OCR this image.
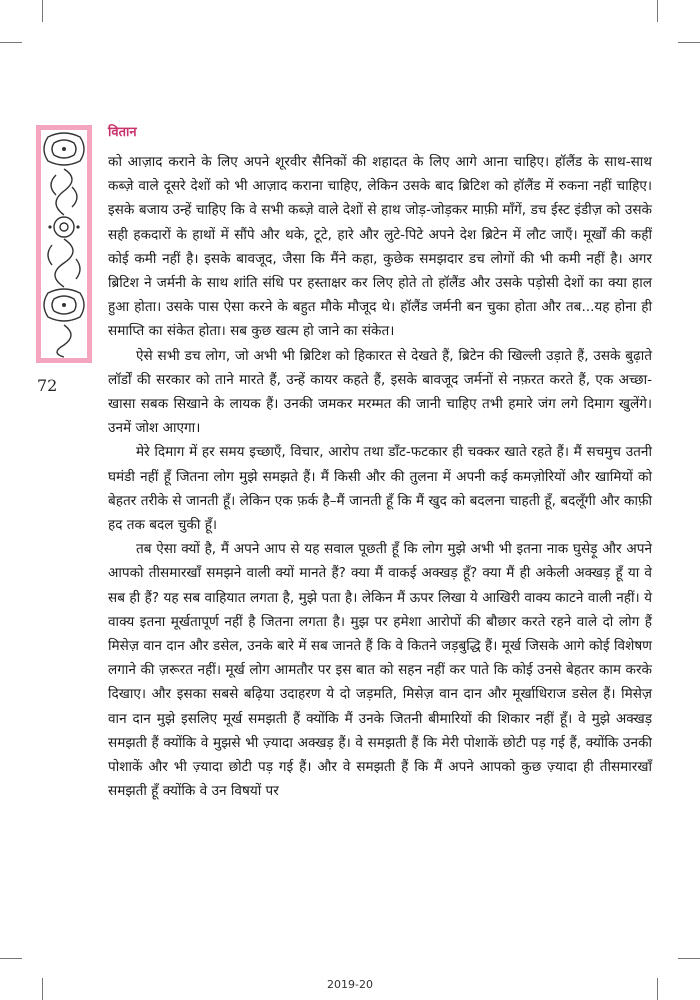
वितान
72

को आज़ाद कराने के लिए अपने शूरवीर सैनिकों की शहादत के लिए आगे आना चाहिए। हॉलैंड के साथ-साथ कब्ज़े वाले दूसरे देशों को भी आज़ाद कराना चाहिए, लेकिन उसके बाद ब्रिटिश को हॉलैंड में रुकना नहीं चाहिए। इसके बजाय उन्हें चाहिए कि वे सभी कब्ज़े वाले देशों से हाथ जोड़-जोड़कर माफ़ी माँगें, डच ईस्ट इंडीज़ को उसके सही हकदारों के हाथों में सौंपे और थके, टूटे, हारे और लुटे-पिटे अपने देश ब्रिटेन में लौट जाएँ। मूर्खों की कहीं कोई कमी नहीं है। इसके बावजूद, जैसा कि मैंने कहा, कुछेक समझदार डच लोगों की भी कमी नहीं है। अगर ब्रिटिश ने जर्मनी के साथ शांति संधि पर हस्ताक्षर कर लिए होते तो हॉलैंड और उसके पड़ोसी देशों का क्या हाल हुआ होता। उसके पास ऐसा करने के बहुत मौके मौजूद थे। हॉलैंड जर्मनी बन चुका होता और तब...यह होना ही समाप्ति का संकेत होता। सब कुछ खत्म हो जाने का संकेत।

ऐसे सभी डच लोग, जो अभी भी ब्रिटिश को हिकारत से देखते हैं, ब्रिटेन की खिल्ली उड़ाते हैं, उसके बुढ़ाते लॉर्डों की सरकार को ताने मारते हैं, उन्हें कायर कहते हैं, इसके बावजूद जर्मनों से नफ़रत करते हैं, एक अच्छा-खासा सबक सिखाने के लायक हैं। उनकी जमकर मरम्मत की जानी चाहिए तभी हमारे जंग लगे दिमाग खुलेंगे। उनमें जोश आएगा।

मेरे दिमाग में हर समय इच्छाएँ, विचार, आरोप तथा डाँट-फटकार ही चक्कर खाते रहते हैं। मैं सचमुच उतनी घमंडी नहीं हूँ जितना लोग मुझे समझते हैं। मैं किसी और की तुलना में अपनी कई कमज़ोरियों और खामियों को बेहतर तरीके से जानती हूँ। लेकिन एक फ़र्क है–मैं जानती हूँ कि मैं खुद को बदलना चाहती हूँ, बदलूँगी और काफ़ी हद तक बदल चुकी हूँ।

तब ऐसा क्यों है, मैं अपने आप से यह सवाल पूछती हूँ कि लोग मुझे अभी भी इतना नाक घुसेड़ू और अपने आपको तीसमारखाँ समझने वाली क्यों मानते हैं? क्या मैं वाकई अक्खड़ हूँ? क्या मैं ही अकेली अक्खड़ हूँ या वे सब ही हैं? यह सब वाहियात लगता है, मुझे पता है। लेकिन मैं ऊपर लिखा ये आखिरी वाक्य काटने वाली नहीं। ये वाक्य इतना मूर्खतापूर्ण नहीं है जितना लगता है। मुझ पर हमेशा आरोपों की बौछार करते रहने वाले दो लोग हैं मिसेज़ वान दान और डसेल, उनके बारे में सब जानते हैं कि वे कितने जड़बुद्धि हैं। मूर्ख जिसके आगे कोई विशेषण लगाने की ज़रूरत नहीं। मूर्ख लोग आमतौर पर इस बात को सहन नहीं कर पाते कि कोई उनसे बेहतर काम करके दिखाए। और इसका सबसे बढ़िया उदाहरण ये दो जड़मति, मिसेज़ वान दान और मूर्खाधिराज डसेल हैं। मिसेज़ वान दान मुझे इसलिए मूर्ख समझती हैं क्योंकि मैं उनके जितनी बीमारियों की शिकार नहीं हूँ। वे मुझे अक्खड़ समझती हैं क्योंकि वे मुझसे भी ज़्यादा अक्खड़ हैं। वे समझती हैं कि मेरी पोशाकें छोटी पड़ गई हैं, क्योंकि उनकी पोशाकें और भी ज़्यादा छोटी पड़ गई हैं। और वे समझती हैं कि मैं अपने आपको कुछ ज़्यादा ही तीसमारखाँ समझती हूँ क्योंकि वे उन विषयों पर

2019-20
